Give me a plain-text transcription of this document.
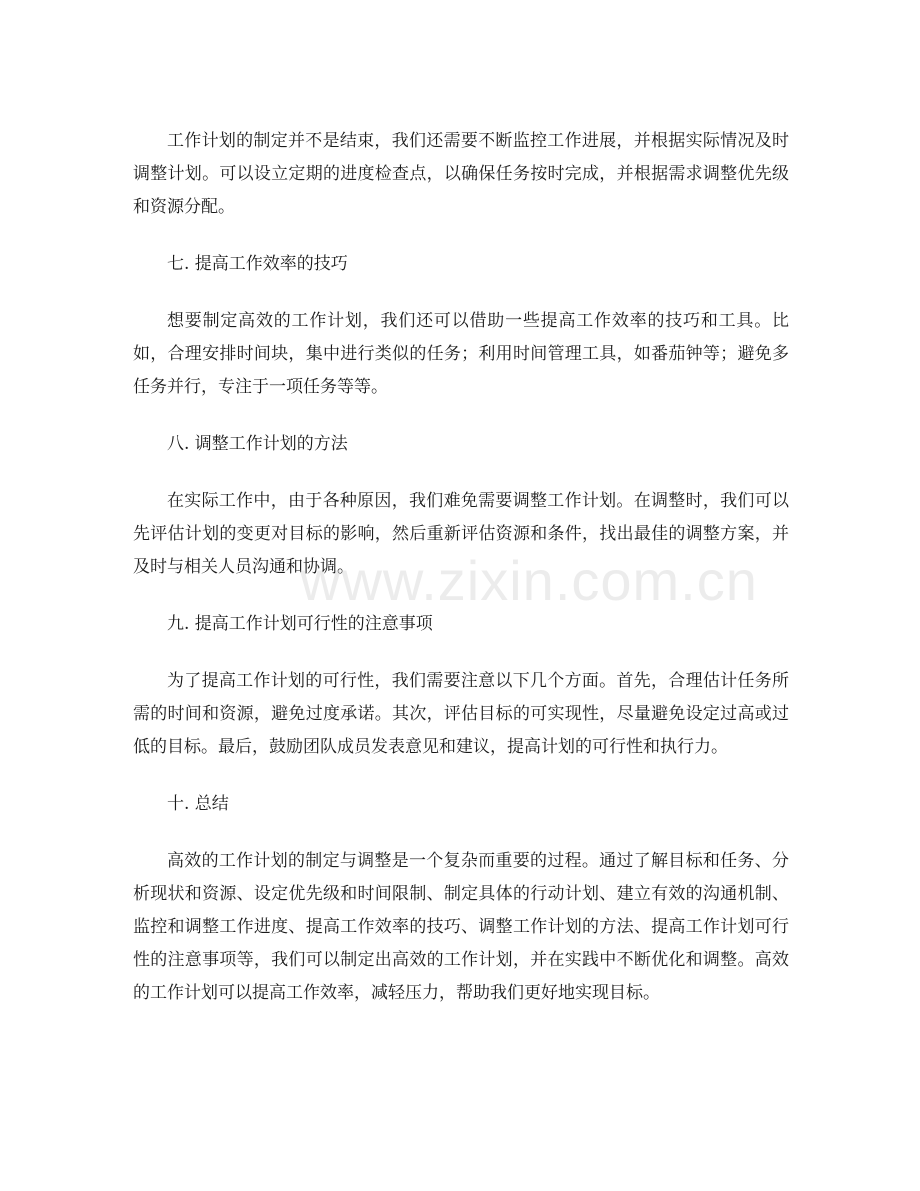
工作计划的制定并不是结束，我们还需要不断监控工作进展，并根据实际情况及时调整计划。可以设立定期的进度检查点，以确保任务按时完成，并根据需求调整优先级和资源分配。

七. 提高工作效率的技巧

想要制定高效的工作计划，我们还可以借助一些提高工作效率的技巧和工具。比如，合理安排时间块，集中进行类似的任务；利用时间管理工具，如番茄钟等；避免多任务并行，专注于一项任务等等。

八. 调整工作计划的方法

在实际工作中，由于各种原因，我们难免需要调整工作计划。在调整时，我们可以先评估计划的变更对目标的影响，然后重新评估资源和条件，找出最佳的调整方案，并及时与相关人员沟通和协调。

九. 提高工作计划可行性的注意事项

为了提高工作计划的可行性，我们需要注意以下几个方面。首先，合理估计任务所需的时间和资源，避免过度承诺。其次，评估目标的可实现性，尽量避免设定过高或过低的目标。最后，鼓励团队成员发表意见和建议，提高计划的可行性和执行力。

十. 总结

高效的工作计划的制定与调整是一个复杂而重要的过程。通过了解目标和任务、分析现状和资源、设定优先级和时间限制、制定具体的行动计划、建立有效的沟通机制、监控和调整工作进度、提高工作效率的技巧、调整工作计划的方法、提高工作计划可行性的注意事项等，我们可以制定出高效的工作计划，并在实践中不断优化和调整。高效的工作计划可以提高工作效率，减轻压力，帮助我们更好地实现目标。

www.zixin.com.cn
